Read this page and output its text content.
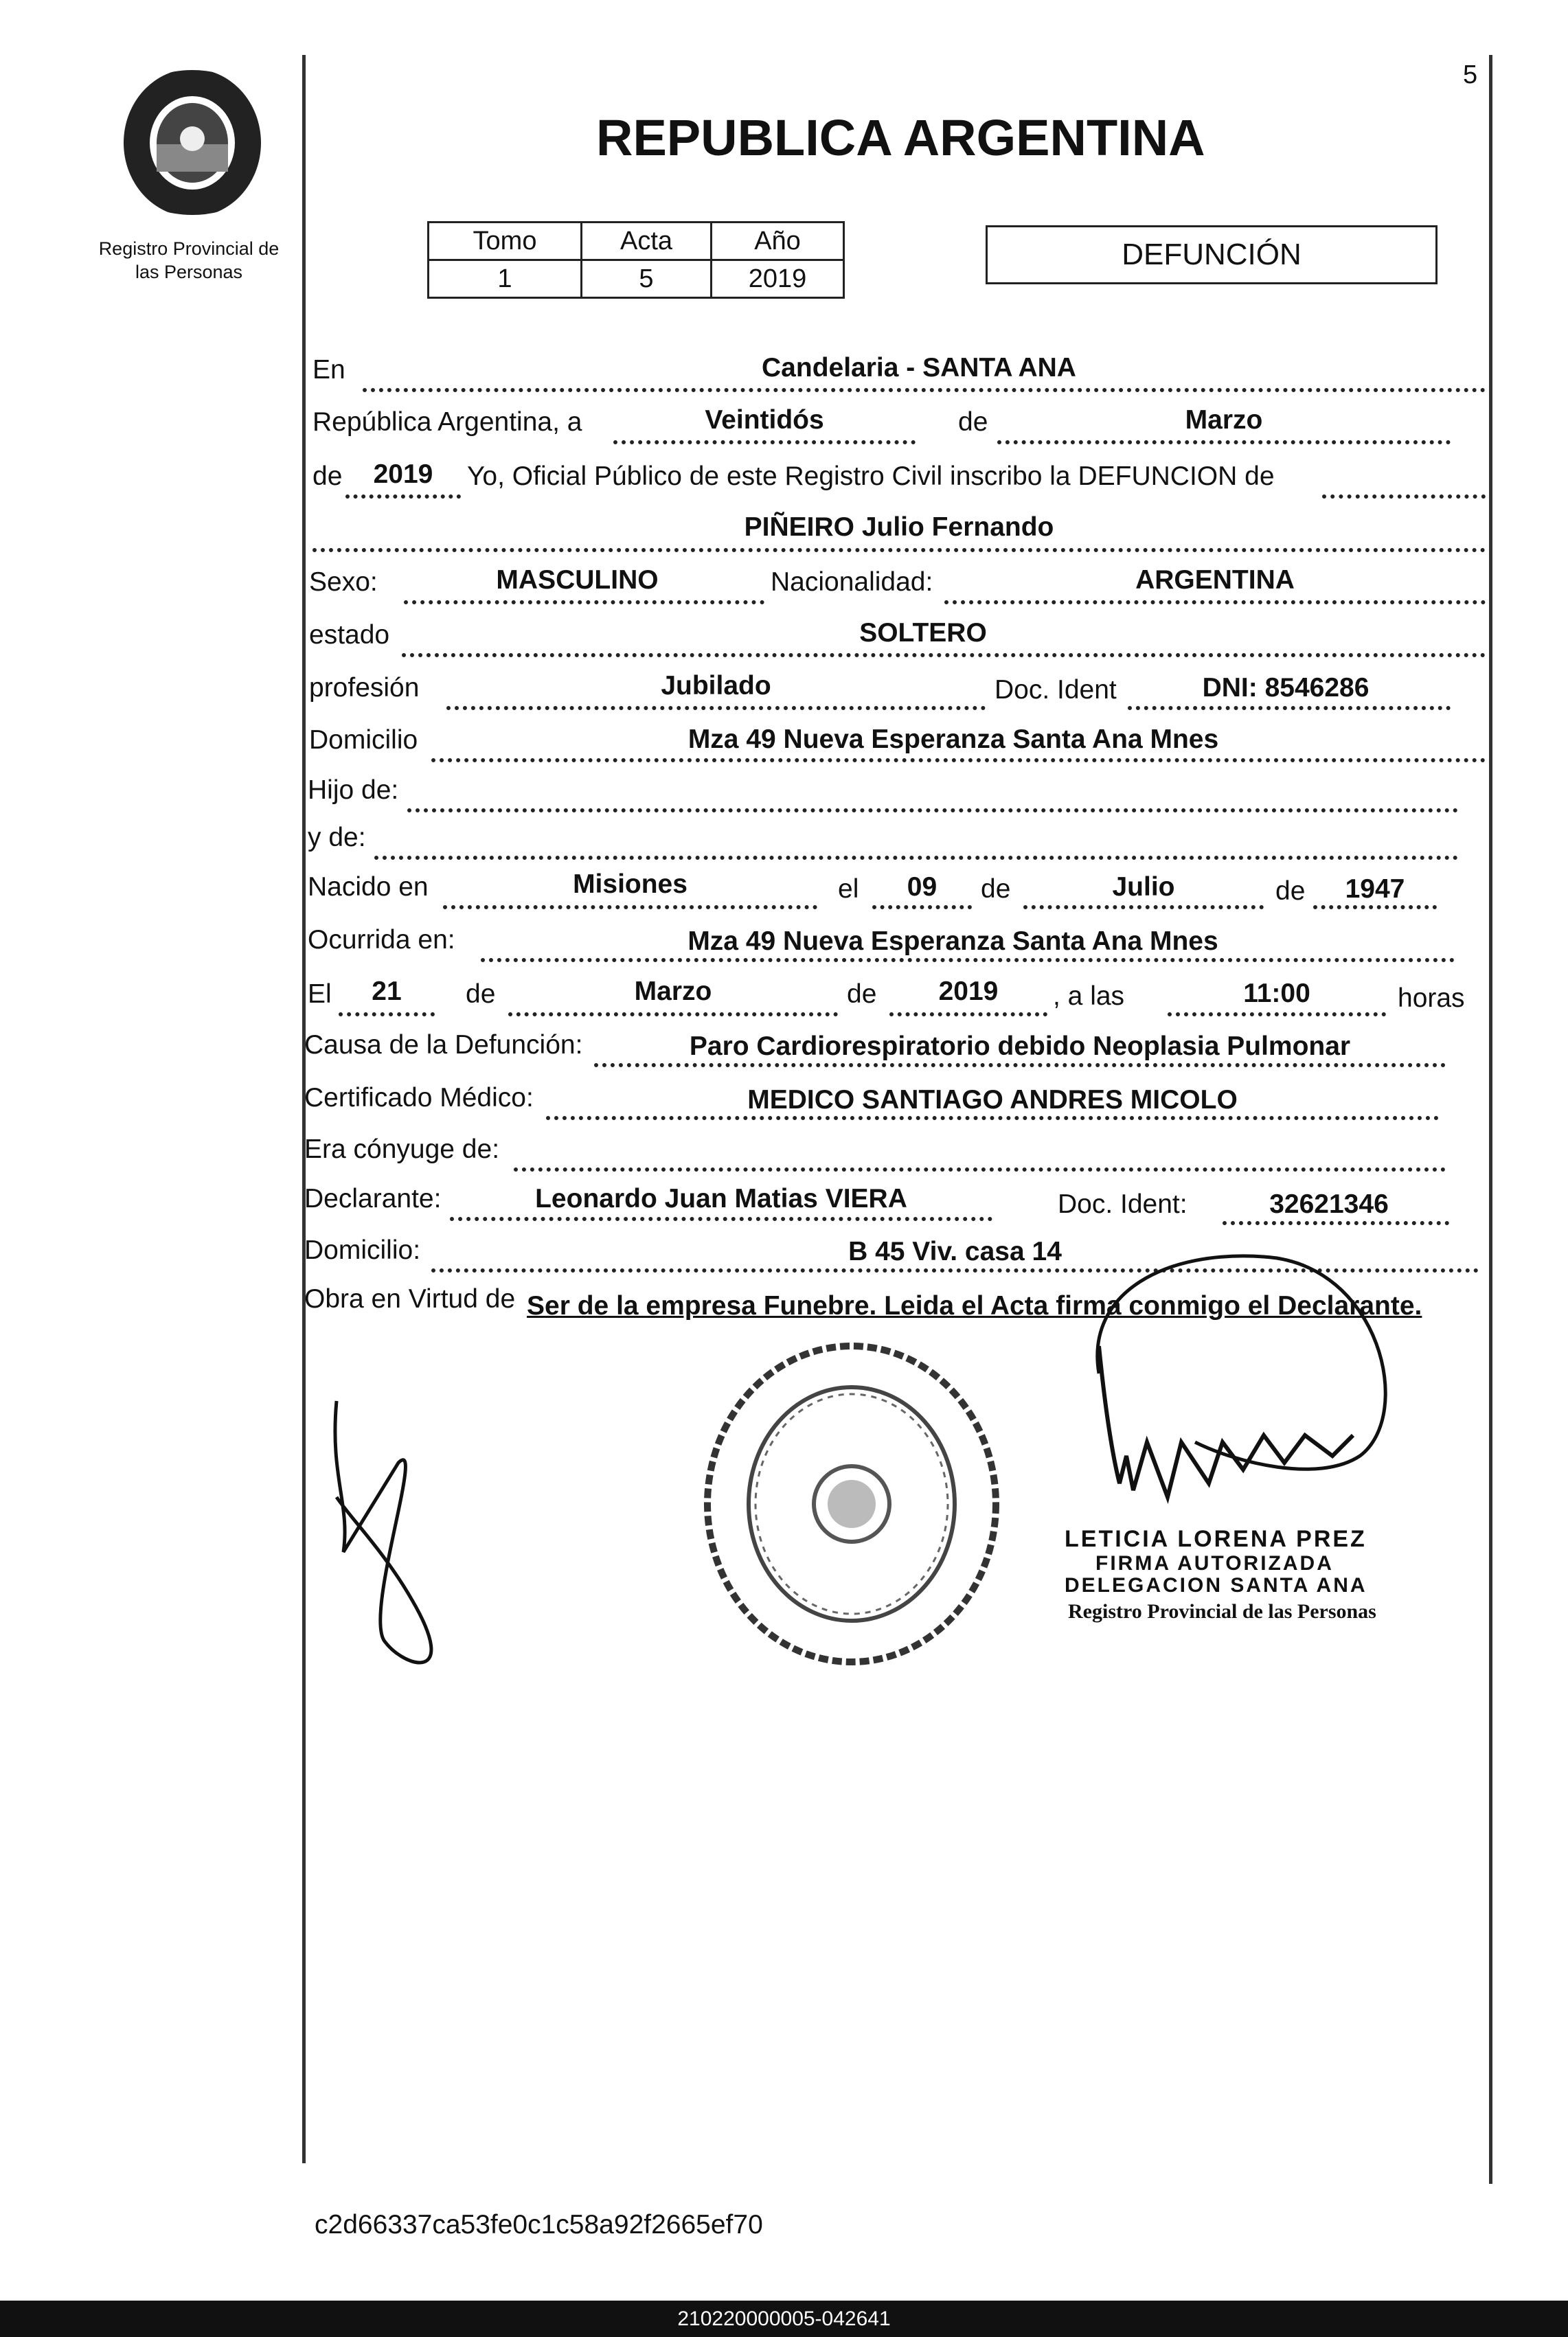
Registro Provincial de
las Personas
5
REPUBLICA ARGENTINA
Tomo	Acta	Año
1	5	2019
DEFUNCIÓN
En	Candelaria - SANTA ANA
República Argentina, a	Veintidós	de	Marzo
de	2019	Yo, Oficial Público de este Registro Civil inscribo la DEFUNCION de
PIÑEIRO Julio Fernando
Sexo:	MASCULINO	Nacionalidad:	ARGENTINA
estado	SOLTERO
profesión	Jubilado	Doc. Ident	DNI: 8546286
Domicilio	Mza 49 Nueva Esperanza Santa Ana Mnes
Hijo de:
y de:
Nacido en	Misiones	el	09	de	Julio	de	1947
Ocurrida en:	Mza 49 Nueva Esperanza Santa Ana Mnes
El	21	de	Marzo	de	2019	, a las	11:00	horas
Causa de la Defunción:	Paro Cardiorespiratorio debido Neoplasia Pulmonar
Certificado Médico:	MEDICO SANTIAGO ANDRES MICOLO
Era cónyuge de:
Declarante:	Leonardo Juan Matias VIERA	Doc. Ident:	32621346
Domicilio:	B 45 Viv. casa 14
Obra en Virtud de Ser de la empresa Funebre. Leida el Acta firma conmigo el Declarante.
LETICIA LORENA PREZ
FIRMA AUTORIZADA
DELEGACION SANTA ANA
Registro Provincial de las Personas
c2d66337ca53fe0c1c58a92f2665ef70
210220000005-042641
